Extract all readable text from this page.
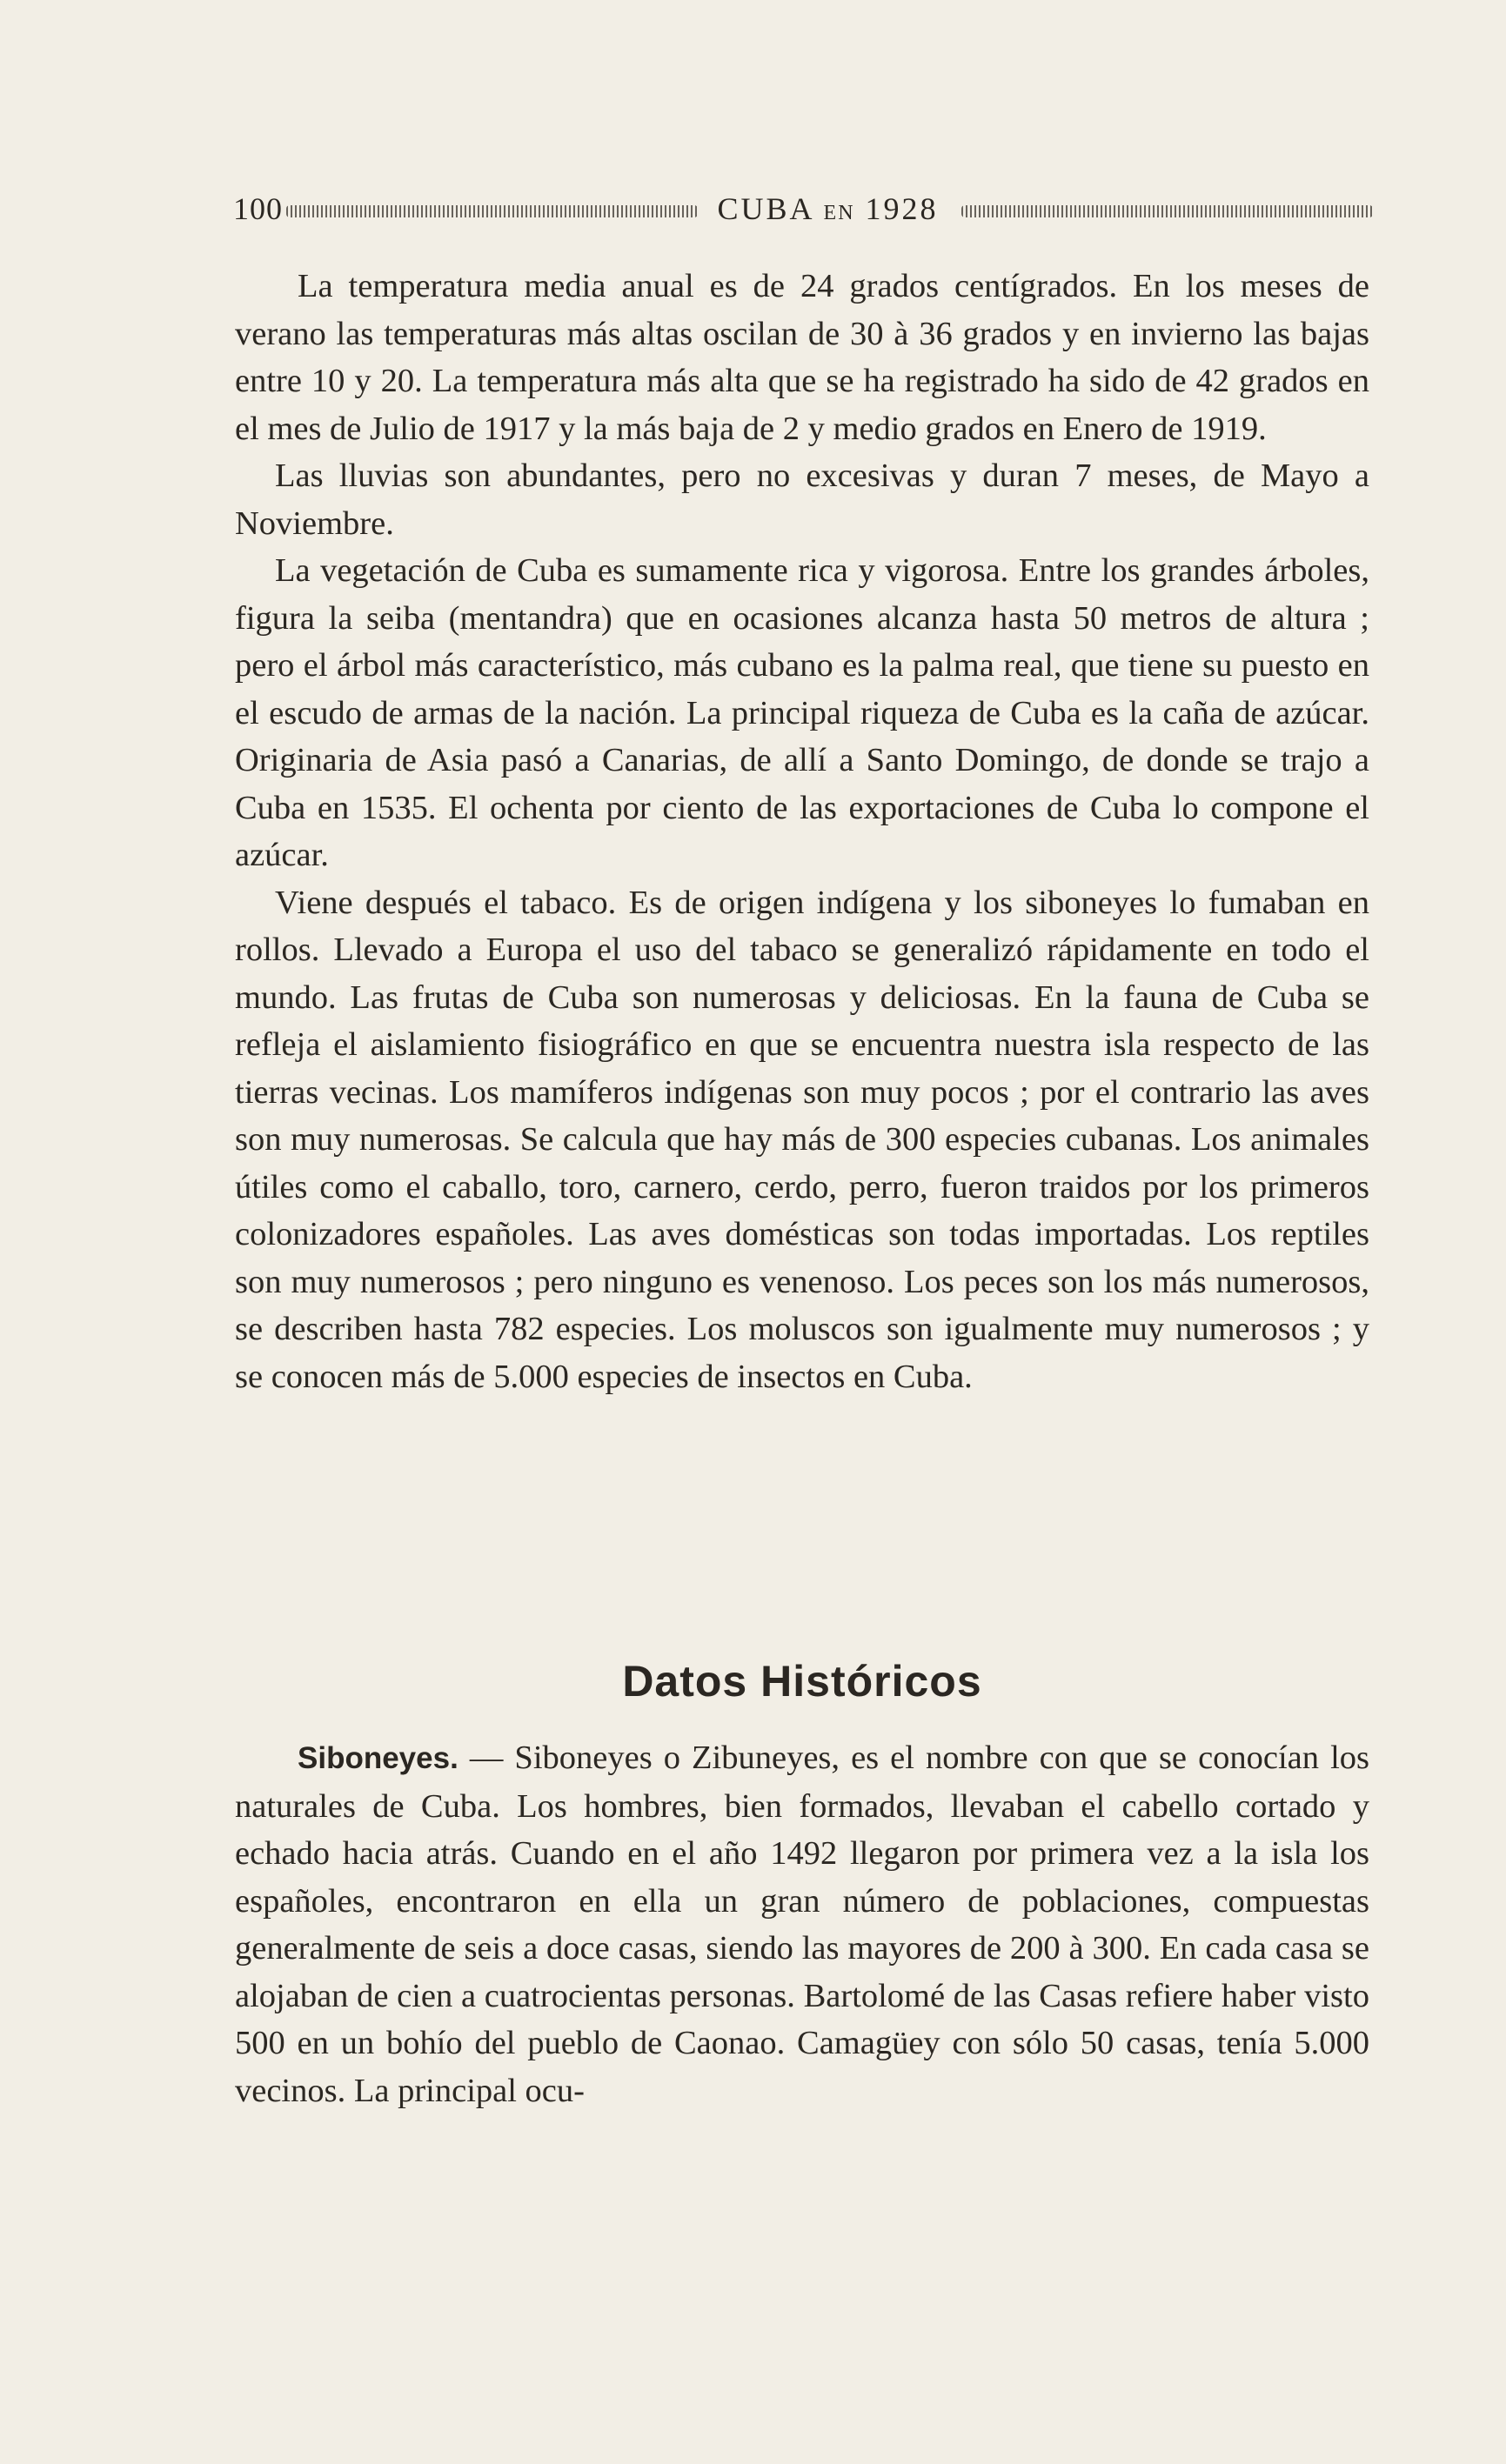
100	CUBA EN 1928

La temperatura media anual es de 24 grados centígrados. En los meses de verano las temperaturas más altas oscilan de 30 à 36 grados y en invierno las bajas entre 10 y 20. La temperatura más alta que se ha registrado ha sido de 42 grados en el mes de Julio de 1917 y la más baja de 2 y medio grados en Enero de 1919.

Las lluvias son abundantes, pero no excesivas y duran 7 meses, de Mayo a Noviembre.

La vegetación de Cuba es sumamente rica y vigorosa. Entre los grandes árboles, figura la seiba (mentandra) que en ocasiones alcanza hasta 50 metros de altura ; pero el árbol más característico, más cubano es la palma real, que tiene su puesto en el escudo de armas de la nación. La principal riqueza de Cuba es la caña de azúcar. Originaria de Asia pasó a Canarias, de allí a Santo Domingo, de donde se trajo a Cuba en 1535. El ochenta por ciento de las exportaciones de Cuba lo compone el azúcar.

Viene después el tabaco. Es de origen indígena y los siboneyes lo fumaban en rollos. Llevado a Europa el uso del tabaco se generalizó rápidamente en todo el mundo. Las frutas de Cuba son numerosas y deliciosas. En la fauna de Cuba se refleja el aislamiento fisiográfico en que se encuentra nuestra isla respecto de las tierras vecinas. Los mamíferos indígenas son muy pocos ; por el contrario las aves son muy numerosas. Se calcula que hay más de 300 especies cubanas. Los animales útiles como el caballo, toro, carnero, cerdo, perro, fueron traidos por los primeros colonizadores españoles. Las aves domésticas son todas importadas. Los reptiles son muy numerosos ; pero ninguno es venenoso. Los peces son los más numerosos, se describen hasta 782 especies. Los moluscos son igualmente muy numerosos ; y se conocen más de 5.000 especies de insectos en Cuba.

Datos Históricos

Siboneyes. — Siboneyes o Zibuneyes, es el nombre con que se conocían los naturales de Cuba. Los hombres, bien formados, llevaban el cabello cortado y echado hacia atrás. Cuando en el año 1492 llegaron por primera vez a la isla los españoles, encontraron en ella un gran número de poblaciones, compuestas generalmente de seis a doce casas, siendo las mayores de 200 à 300. En cada casa se alojaban de cien a cuatrocientas personas. Bartolomé de las Casas refiere haber visto 500 en un bohío del pueblo de Caonao. Camagüey con sólo 50 casas, tenía 5.000 vecinos. La principal ocu-
